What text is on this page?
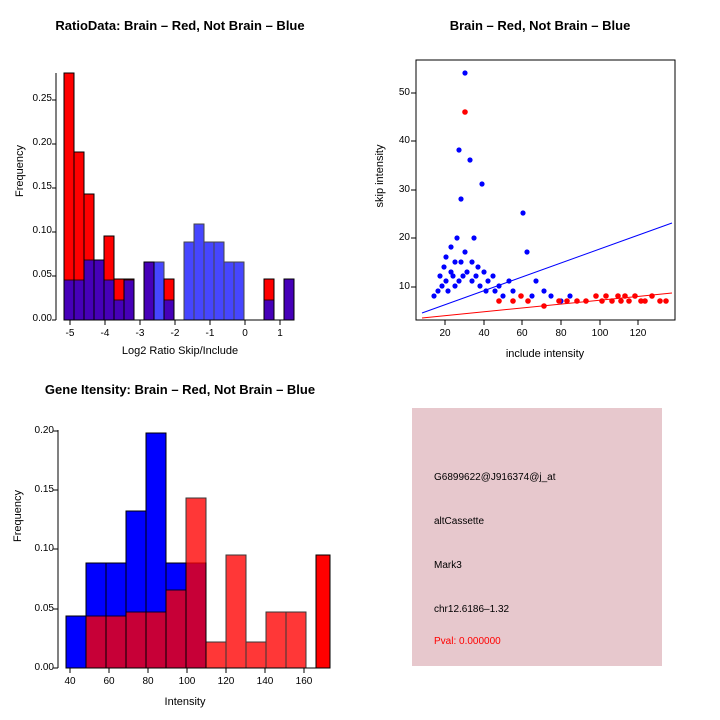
RatioData: Brain – Red, Not Brain – Blue
0.00
0.05
0.10
0.15
0.20
0.25
-5	-4	-3	-2	-1	0	1
Log2 Ratio Skip/Include
Frequency
Brain – Red, Not Brain – Blue
10
20
30
40
50
20	40	60	80	100 120
include intensity
skip intensity
Gene Itensity: Brain – Red, Not Brain – Blue
0.00
0.05
0.10
0.15
0.20
40	60	80	100 120 140 160
Intensity
Frequency
G6899622@J916374@j_at
altCassette
Mark3
chr12.6186–1.32
Pval: 0.000000
